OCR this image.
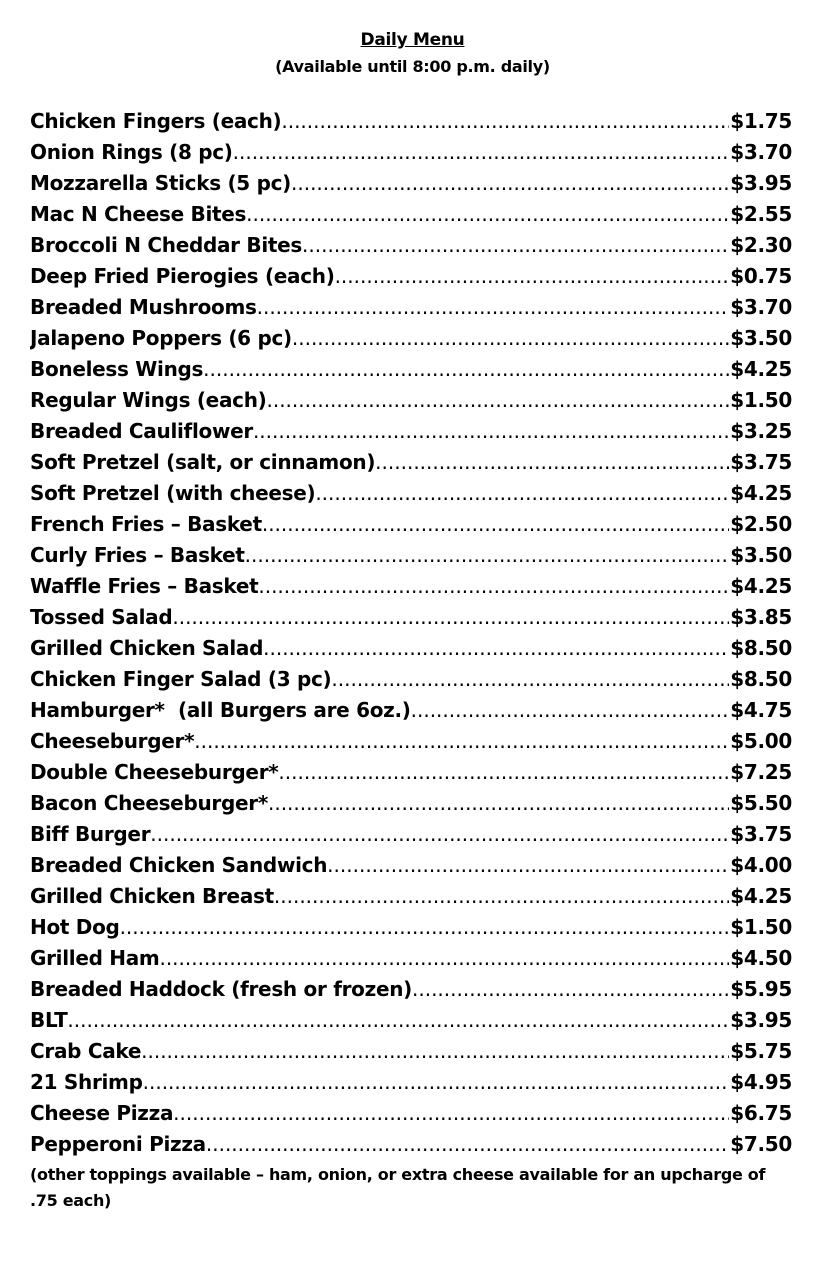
Daily Menu
(Available until 8:00 p.m. daily)
Chicken Fingers (each) .....	$1.75
Onion Rings (8 pc) .....	$3.70
Mozzarella Sticks (5 pc) .....	$3.95
Mac N Cheese Bites .....	$2.55
Broccoli N Cheddar Bites .....	$2.30
Deep Fried Pierogies (each) .....	$0.75
Breaded Mushrooms .....	$3.70
Jalapeno Poppers (6 pc) .....	$3.50
Boneless Wings .....	$4.25
Regular Wings (each) .....	$1.50
Breaded Cauliflower .....	$3.25
Soft Pretzel (salt, or cinnamon) .....	$3.75
Soft Pretzel (with cheese) .....	$4.25
French Fries – Basket .....	$2.50
Curly Fries – Basket .....	$3.50
Waffle Fries – Basket .....	$4.25
Tossed Salad .....	$3.85
Grilled Chicken Salad .....	$8.50
Chicken Finger Salad (3 pc) .....	$8.50
Hamburger*  (all Burgers are 6oz.) .....	$4.75
Cheeseburger* .....	$5.00
Double Cheeseburger* .....	$7.25
Bacon Cheeseburger* .....	$5.50
Biff Burger .....	$3.75
Breaded Chicken Sandwich .....	$4.00
Grilled Chicken Breast .....	$4.25
Hot Dog .....	$1.50
Grilled Ham .....	$4.50
Breaded Haddock (fresh or frozen) .....	$5.95
BLT .....	$3.95
Crab Cake .....	$5.75
21 Shrimp .....	$4.95
Cheese Pizza .....	$6.75
Pepperoni Pizza .....	$7.50
(other toppings available – ham, onion, or extra cheese available for an upcharge of .75 each)
